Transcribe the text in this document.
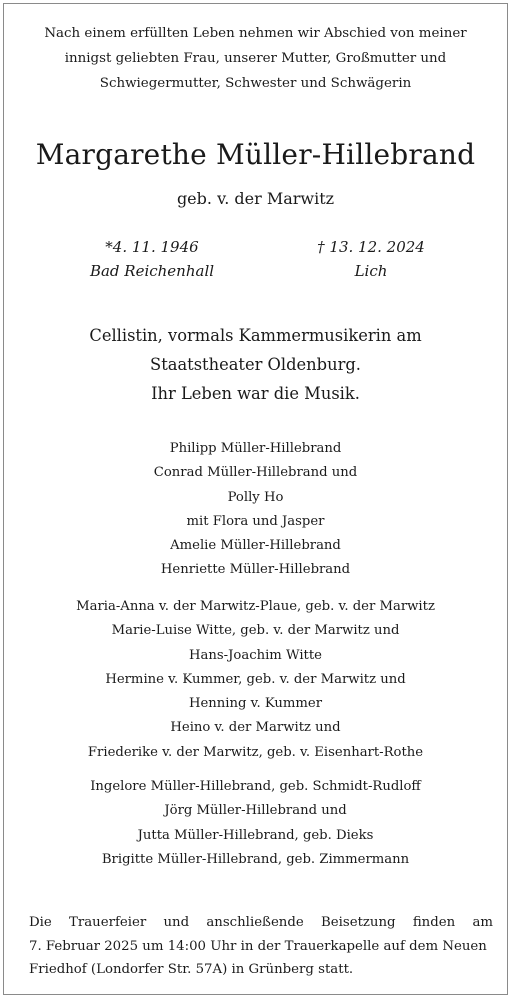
Nach einem erfüllten Leben nehmen wir Abschied von meiner
innigst geliebten Frau, unserer Mutter, Großmutter und
Schwiegermutter, Schwester und Schwägerin
Margarethe Müller-Hillebrand
geb. v. der Marwitz
*4. 11. 1946
Bad Reichenhall
† 13. 12. 2024
Lich
Cellistin, vormals Kammermusikerin am
Staatstheater Oldenburg.
Ihr Leben war die Musik.
Philipp Müller-Hillebrand
Conrad Müller-Hillebrand und
Polly Ho
mit Flora und Jasper
Amelie Müller-Hillebrand
Henriette Müller-Hillebrand
Maria-Anna v. der Marwitz-Plaue, geb. v. der Marwitz
Marie-Luise Witte, geb. v. der Marwitz und
Hans-Joachim Witte
Hermine v. Kummer, geb. v. der Marwitz und
Henning v. Kummer
Heino v. der Marwitz und
Friederike v. der Marwitz, geb. v. Eisenhart-Rothe
Ingelore Müller-Hillebrand, geb. Schmidt-Rudloff
Jörg Müller-Hillebrand und
Jutta Müller-Hillebrand, geb. Dieks
Brigitte Müller-Hillebrand, geb. Zimmermann
Die Trauerfeier und anschließende Beisetzung finden am
7. Februar 2025 um 14:00 Uhr in der Trauerkapelle auf dem Neuen
Friedhof (Londorfer Str. 57A) in Grünberg statt.
